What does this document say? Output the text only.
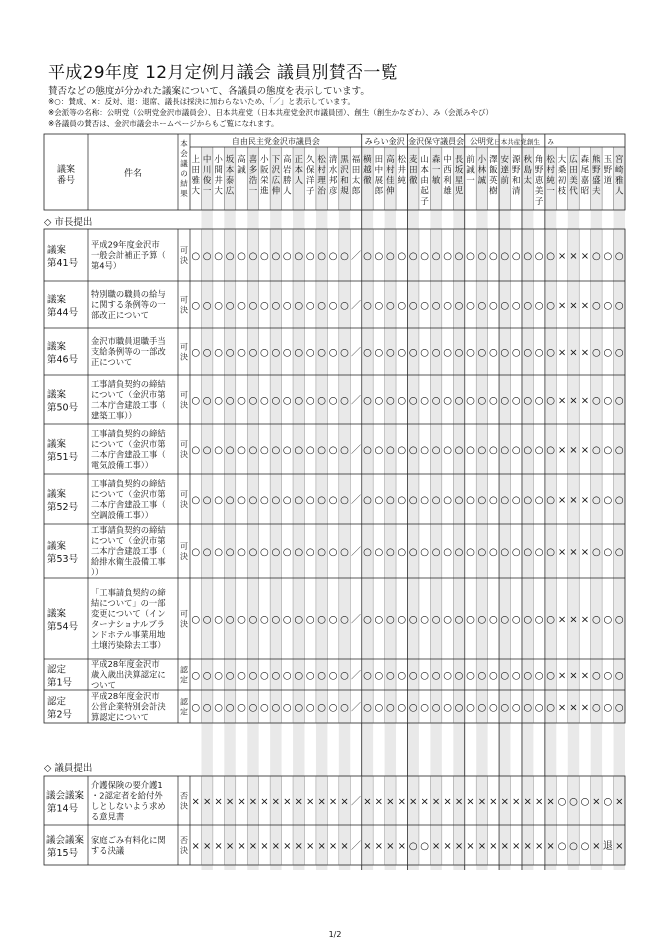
平成29年度 12月定例月議会 議員別賛否一覧
賛否などの態度が分かれた議案について、各議員の態度を表示しています。
※○：賛成、×：反対、退：退席、議長は採決に加わらないため、「／」と表示しています。
※会派等の名称：公明党（公明党金沢市議員会）、日本共産党（日本共産党金沢市議員団）、創生（創生かなざわ）、み（会派みやび）
※各議員の賛否は、金沢市議会ホームページからもご覧になれます。
議案番号
件名
本会議の結果
自由民主党金沢市議員会	みらい金沢 金沢保守議員会 公明党 日本共産党 創生 み
上田雅大
中川俊一
小間井大
坂本泰広
高誠
喜多浩一
小阪栄進
下沢広伸
高岩勝人
正本人
久保洋子
松村理治
清水邦彦
黒沢和規
福田太郎
横越徹
田中展郎
高村佳伸
松井純
麦田徹
山本由起子
森一敏
中西利雄
長坂星児
前誠一
小林誠
澤飯英樹
安達前
源野和清
秋島太
角野恵美子
松村純一
大桑初枝
広田美代
森尾嘉昭
熊野盛夫
玉野道
宮崎雅人
議案第41号
平成29年度金沢市一般会計補正予算（第4号）
可決 ○ ○ ○ ○ ○ ○ ○ ○ ○ ○ ○ ○ ○ ○ ／ ○ ○ ○ ○ ○ ○ ○ ○ ○ ○ ○ ○ ○ ○ ○ ○ ○ × × × ○ ○ ○
議案第44号
特別職の職員の給与に関する条例等の一部改正について
可決 ○ ○ ○ ○ ○ ○ ○ ○ ○ ○ ○ ○ ○ ○ ／ ○ ○ ○ ○ ○ ○ ○ ○ ○ ○ ○ ○ ○ ○ ○ ○ ○ × × × ○ ○ ○
議案第46号
金沢市職員退職手当支給条例等の一部改正について
可決 ○ ○ ○ ○ ○ ○ ○ ○ ○ ○ ○ ○ ○ ○ ／ ○ ○ ○ ○ ○ ○ ○ ○ ○ ○ ○ ○ ○ ○ ○ ○ ○ × × × ○ ○ ○
議案第50号
工事請負契約の締結について（金沢市第二本庁舎建設工事（建築工事））
可決 ○ ○ ○ ○ ○ ○ ○ ○ ○ ○ ○ ○ ○ ○ ／ ○ ○ ○ ○ ○ ○ ○ ○ ○ ○ ○ ○ ○ ○ ○ ○ ○ × × × ○ ○ ○
議案第51号
工事請負契約の締結について（金沢市第二本庁舎建設工事（電気設備工事））
可決 ○ ○ ○ ○ ○ ○ ○ ○ ○ ○ ○ ○ ○ ○ ／ ○ ○ ○ ○ ○ ○ ○ ○ ○ ○ ○ ○ ○ ○ ○ ○ ○ × × × ○ ○ ○
議案第52号
工事請負契約の締結について（金沢市第二本庁舎建設工事（空調設備工事））
可決 ○ ○ ○ ○ ○ ○ ○ ○ ○ ○ ○ ○ ○ ○ ／ ○ ○ ○ ○ ○ ○ ○ ○ ○ ○ ○ ○ ○ ○ ○ ○ ○ × × × ○ ○ ○
議案第53号
工事請負契約の締結について（金沢市第二本庁舎建設工事（給排水衛生設備工事））
可決 ○ ○ ○ ○ ○ ○ ○ ○ ○ ○ ○ ○ ○ ○ ／ ○ ○ ○ ○ ○ ○ ○ ○ ○ ○ ○ ○ ○ ○ ○ ○ ○ × × × ○ ○ ○
議案第54号
「工事請負契約の締結について」の一部変更について（インターナショナルブランドホテル事業用地土壌汚染除去工事）
可決 ○ ○ ○ ○ ○ ○ ○ ○ ○ ○ ○ ○ ○ ○ ／ ○ ○ ○ ○ ○ ○ ○ ○ ○ ○ ○ ○ ○ ○ ○ ○ ○ × × × ○ ○ ○
認定第1号
平成28年度金沢市歳入歳出決算認定について
認定 ○ ○ ○ ○ ○ ○ ○ ○ ○ ○ ○ ○ ○ ○ ／ ○ ○ ○ ○ ○ ○ ○ ○ ○ ○ ○ ○ ○ ○ ○ ○ ○ × × × ○ ○ ○
認定第2号
平成28年度金沢市公営企業特別会計決算認定について
認定 ○ ○ ○ ○ ○ ○ ○ ○ ○ ○ ○ ○ ○ ○ ／ ○ ○ ○ ○ ○ ○ ○ ○ ○ ○ ○ ○ ○ ○ ○ ○ ○ × × × ○ ○ ○
議会議案第14号
介護保険の要介護1 ・2認定者を給付外しとしないよう求める意見書
否決 × × × × × × × × × × × × × × ／ × × × × × × × × × × × × × × × × × ○ ○ ○ × ○ ×
議会議案第15号
家庭ごみ有料化に関する決議
否決 × × × × × × × × × × × × × × ／ × × × × ○ ○ × × × × × × × × × × × ○ ○ ○ × 退 ×
1/2
◇ 市長提出
◇ 議員提出
